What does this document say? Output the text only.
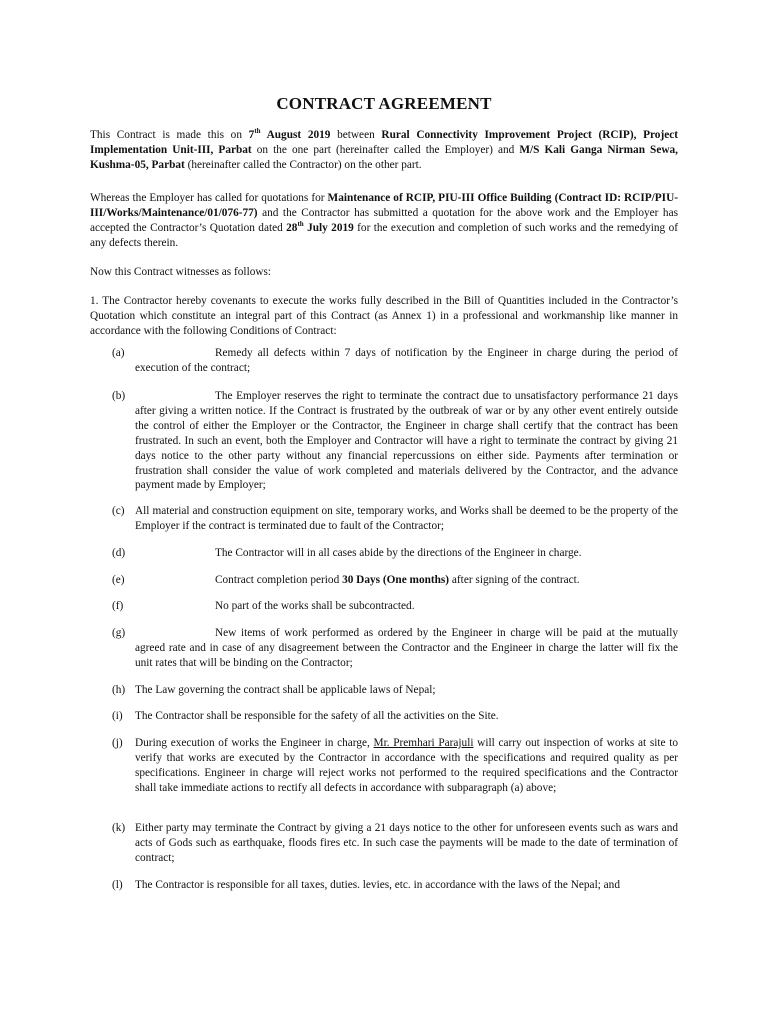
CONTRACT AGREEMENT
This Contract is made this on 7th August 2019 between Rural Connectivity Improvement Project (RCIP), Project Implementation Unit-III, Parbat on the one part (hereinafter called the Employer) and M/S Kali Ganga Nirman Sewa, Kushma-05, Parbat (hereinafter called the Contractor) on the other part.
Whereas the Employer has called for quotations for Maintenance of RCIP, PIU-III Office Building (Contract ID: RCIP/PIU-III/Works/Maintenance/01/076-77) and the Contractor has submitted a quotation for the above work and the Employer has accepted the Contractor’s Quotation dated 28th July 2019 for the execution and completion of such works and the remedying of any defects therein.
Now this Contract witnesses as follows:
1. The Contractor hereby covenants to execute the works fully described in the Bill of Quantities included in the Contractor’s Quotation which constitute an integral part of this Contract (as Annex 1) in a professional and workmanship like manner in accordance with the following Conditions of Contract:
(a)	Remedy all defects within 7 days of notification by the Engineer in charge during the period of execution of the contract;
(b)	The Employer reserves the right to terminate the contract due to unsatisfactory performance 21 days after giving a written notice. If the Contract is frustrated by the outbreak of war or by any other event entirely outside the control of either the Employer or the Contractor, the Engineer in charge shall certify that the contract has been frustrated. In such an event, both the Employer and Contractor will have a right to terminate the contract by giving 21 days notice to the other party without any financial repercussions on either side. Payments after termination or frustration shall consider the value of work completed and materials delivered by the Contractor, and the advance payment made by Employer;
(c) All material and construction equipment on site, temporary works, and Works shall be deemed to be the property of the Employer if the contract is terminated due to fault of the Contractor;
(d)	The Contractor will in all cases abide by the directions of the Engineer in charge.
(e)	Contract completion period 30 Days (One months) after signing of the contract.
(f)	No part of the works shall be subcontracted.
(g)	New items of work performed as ordered by the Engineer in charge will be paid at the mutually agreed rate and in case of any disagreement between the Contractor and the Engineer in charge the latter will fix the unit rates that will be binding on the Contractor;
(h) The Law governing the contract shall be applicable laws of Nepal;
(i) The Contractor shall be responsible for the safety of all the activities on the Site.
(j) During execution of works the Engineer in charge, Mr. Premhari Parajuli will carry out inspection of works at site to verify that works are executed by the Contractor in accordance with the specifications and required quality as per specifications. Engineer in charge will reject works not performed to the required specifications and the Contractor shall take immediate actions to rectify all defects in accordance with subparagraph (a) above;
(k) Either party may terminate the Contract by giving a 21 days notice to the other for unforeseen events such as wars and acts of Gods such as earthquake, floods fires etc. In such case the payments will be made to the date of termination of contract;
(l) The Contractor is responsible for all taxes, duties. levies, etc. in accordance with the laws of the Nepal; and
